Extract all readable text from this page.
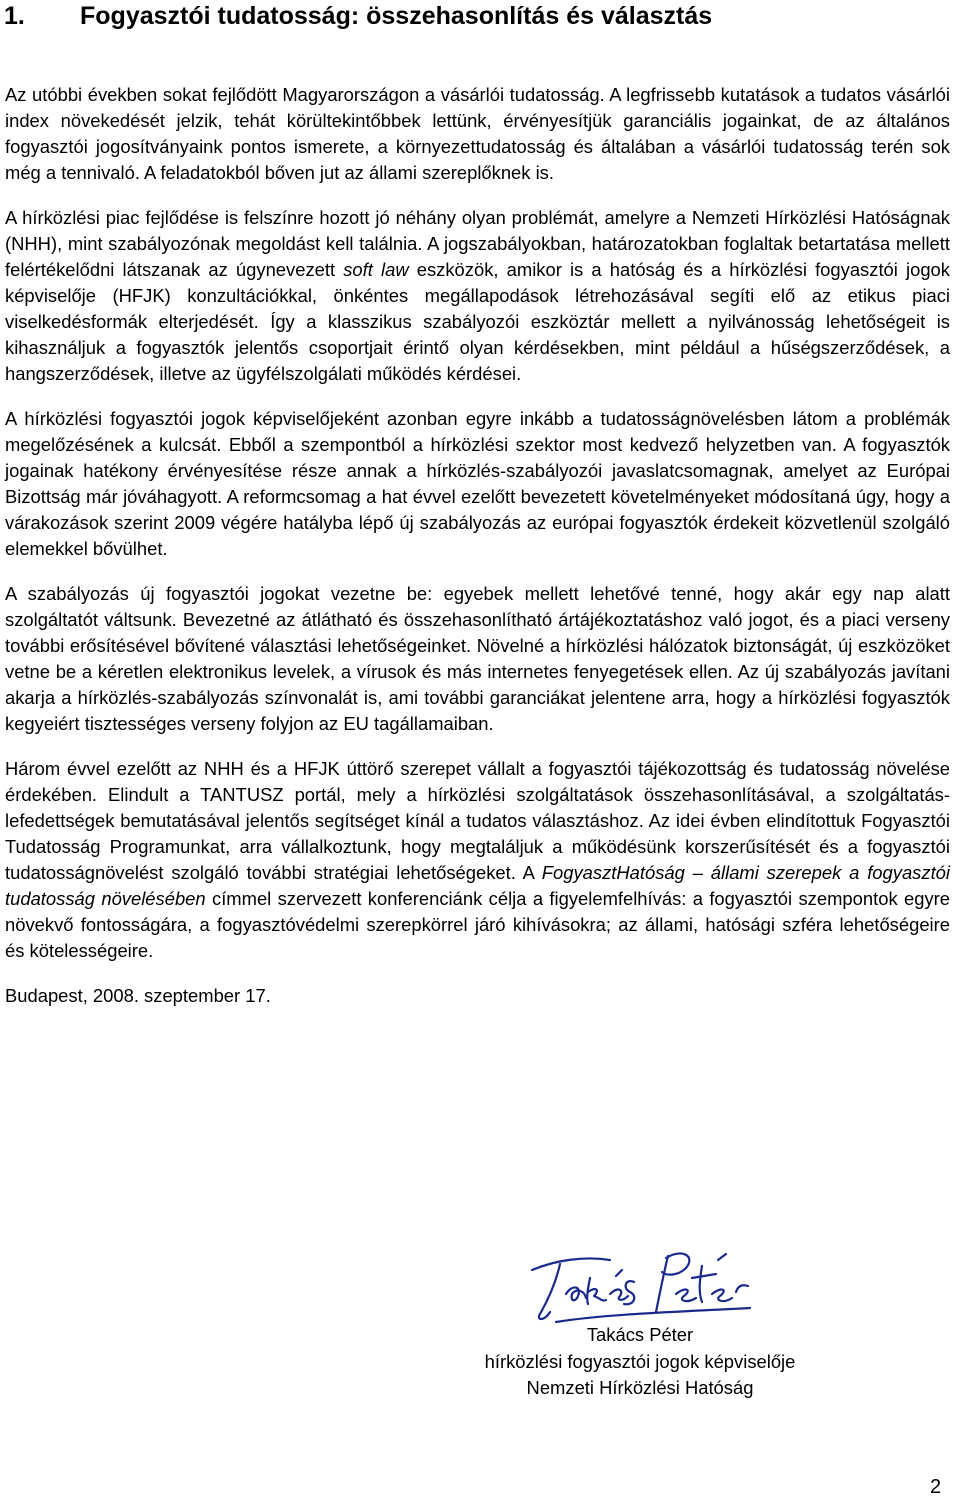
1. Fogyasztói tudatosság: összehasonlítás és választás

Az utóbbi években sokat fejlődött Magyarországon a vásárlói tudatosság. A legfrissebb kutatások a tudatos vásárlói index növekedését jelzik, tehát körültekintőbbek lettünk, érvényesítjük garanciális jogainkat, de az általános fogyasztói jogosítványaink pontos ismerete, a környezettudatosság és általában a vásárlói tudatosság terén sok még a tennivaló. A feladatokból bőven jut az állami szereplőknek is.

A hírközlési piac fejlődése is felszínre hozott jó néhány olyan problémát, amelyre a Nemzeti Hírközlési Hatóságnak (NHH), mint szabályozónak megoldást kell találnia. A jogszabályokban, határozatokban foglaltak betartatása mellett felértékelődni látszanak az úgynevezett soft law eszközök, amikor is a hatóság és a hírközlési fogyasztói jogok képviselője (HFJK) konzultációkkal, önkéntes megállapodások létrehozásával segíti elő az etikus piaci viselkedésformák elterjedését. Így a klasszikus szabályozói eszköztár mellett a nyilvánosság lehetőségeit is kihasználjuk a fogyasztók jelentős csoportjait érintő olyan kérdésekben, mint például a hűségszerződések, a hangszerződések, illetve az ügyfélszolgálati működés kérdései.

A hírközlési fogyasztói jogok képviselőjeként azonban egyre inkább a tudatosságnövelésben látom a problémák megelőzésének a kulcsát. Ebből a szempontból a hírközlési szektor most kedvező helyzetben van. A fogyasztók jogainak hatékony érvényesítése része annak a hírközlés-szabályozói javaslatcsomagnak, amelyet az Európai Bizottság már jóváhagyott. A reformcsomag a hat évvel ezelőtt bevezetett követelményeket módosítaná úgy, hogy a várakozások szerint 2009 végére hatályba lépő új szabályozás az európai fogyasztók érdekeit közvetlenül szolgáló elemekkel bővülhet.

A szabályozás új fogyasztói jogokat vezetne be: egyebek mellett lehetővé tenné, hogy akár egy nap alatt szolgáltatót váltsunk. Bevezetné az átlátható és összehasonlítható ártájékoztatáshoz való jogot, és a piaci verseny további erősítésével bővítené választási lehetőségeinket. Növelné a hírközlési hálózatok biztonságát, új eszközöket vetne be a kéretlen elektronikus levelek, a vírusok és más internetes fenyegetések ellen. Az új szabályozás javítani akarja a hírközlés-szabályozás színvonalát is, ami további garanciákat jelentene arra, hogy a hírközlési fogyasztók kegyeiért tisztességes verseny folyjon az EU tagállamaiban.

Három évvel ezelőtt az NHH és a HFJK úttörő szerepet vállalt a fogyasztói tájékozottság és tudatosság növelése érdekében. Elindult a TANTUSZ portál, mely a hírközlési szolgáltatások összehasonlításával, a szolgáltatás-lefedettségek bemutatásával jelentős segítséget kínál a tudatos választáshoz. Az idei évben elindítottuk Fogyasztói Tudatosság Programunkat, arra vállalkoztunk, hogy megtaláljuk a működésünk korszerűsítését és a fogyasztói tudatosságnövelést szolgáló további stratégiai lehetőségeket. A FogyasztHatóság – állami szerepek a fogyasztói tudatosság növelésében címmel szervezett konferenciánk célja a figyelemfelhívás: a fogyasztói szempontok egyre növekvő fontosságára, a fogyasztóvédelmi szerepkörrel járó kihívásokra; az állami, hatósági szféra lehetőségeire és kötelességeire.

Budapest, 2008. szeptember 17.

Takács Péter
hírközlési fogyasztói jogok képviselője
Nemzeti Hírközlési Hatóság
2
